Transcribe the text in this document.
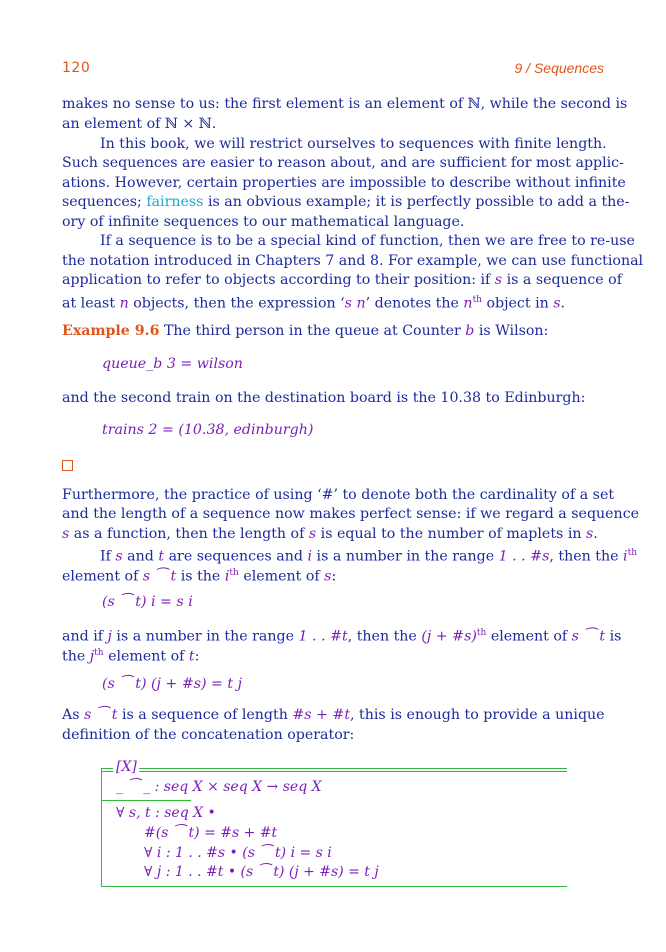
120	9 / Sequences
makes no sense to us: the first element is an element of ℕ, while the second is
an element of ℕ × ℕ.
In this book, we will restrict ourselves to sequences with finite length.
Such sequences are easier to reason about, and are sufficient for most applic-
ations. However, certain properties are impossible to describe without infinite
sequences; fairness is an obvious example; it is perfectly possible to add a the-
ory of infinite sequences to our mathematical language.
If a sequence is to be a special kind of function, then we are free to re-use
the notation introduced in Chapters 7 and 8. For example, we can use functional
application to refer to objects according to their position: if s is a sequence of
at least n objects, then the expression ‘s n’ denotes the $n^{th}$ object in s.
Example 9.6 The third person in the queue at Counter b is Wilson:
queue_b 3 = wilson
and the second train on the destination board is the 10.38 to Edinburgh:
trains 2 = (10.38, edinburgh)
Furthermore, the practice of using ‘#’ to denote both the cardinality of a set
and the length of a sequence now makes perfect sense: if we regard a sequence
s as a function, then the length of s is equal to the number of maplets in s.
If s and t are sequences and i is a number in the range 1 . . #s, then the $i^{th}$
element of s ⁀ t is the $i^{th}$ element of s:
(s ⁀ t) i = s i
and if j is a number in the range 1 . . #t, then the (j + #s)$^{th}$ element of s ⁀ t is
the $j^{th}$ element of t:
(s ⁀ t) (j + #s) = t j
As s ⁀ t is a sequence of length #s + #t, this is enough to provide a unique
definition of the concatenation operator:
[X]
_ ⁀ _ : seq X × seq X → seq X
∀ s, t : seq X •
#(s ⁀ t) = #s + #t
∀ i : 1 . . #s • (s ⁀ t) i = s i
∀ j : 1 . . #t • (s ⁀ t) (j + #s) = t j
